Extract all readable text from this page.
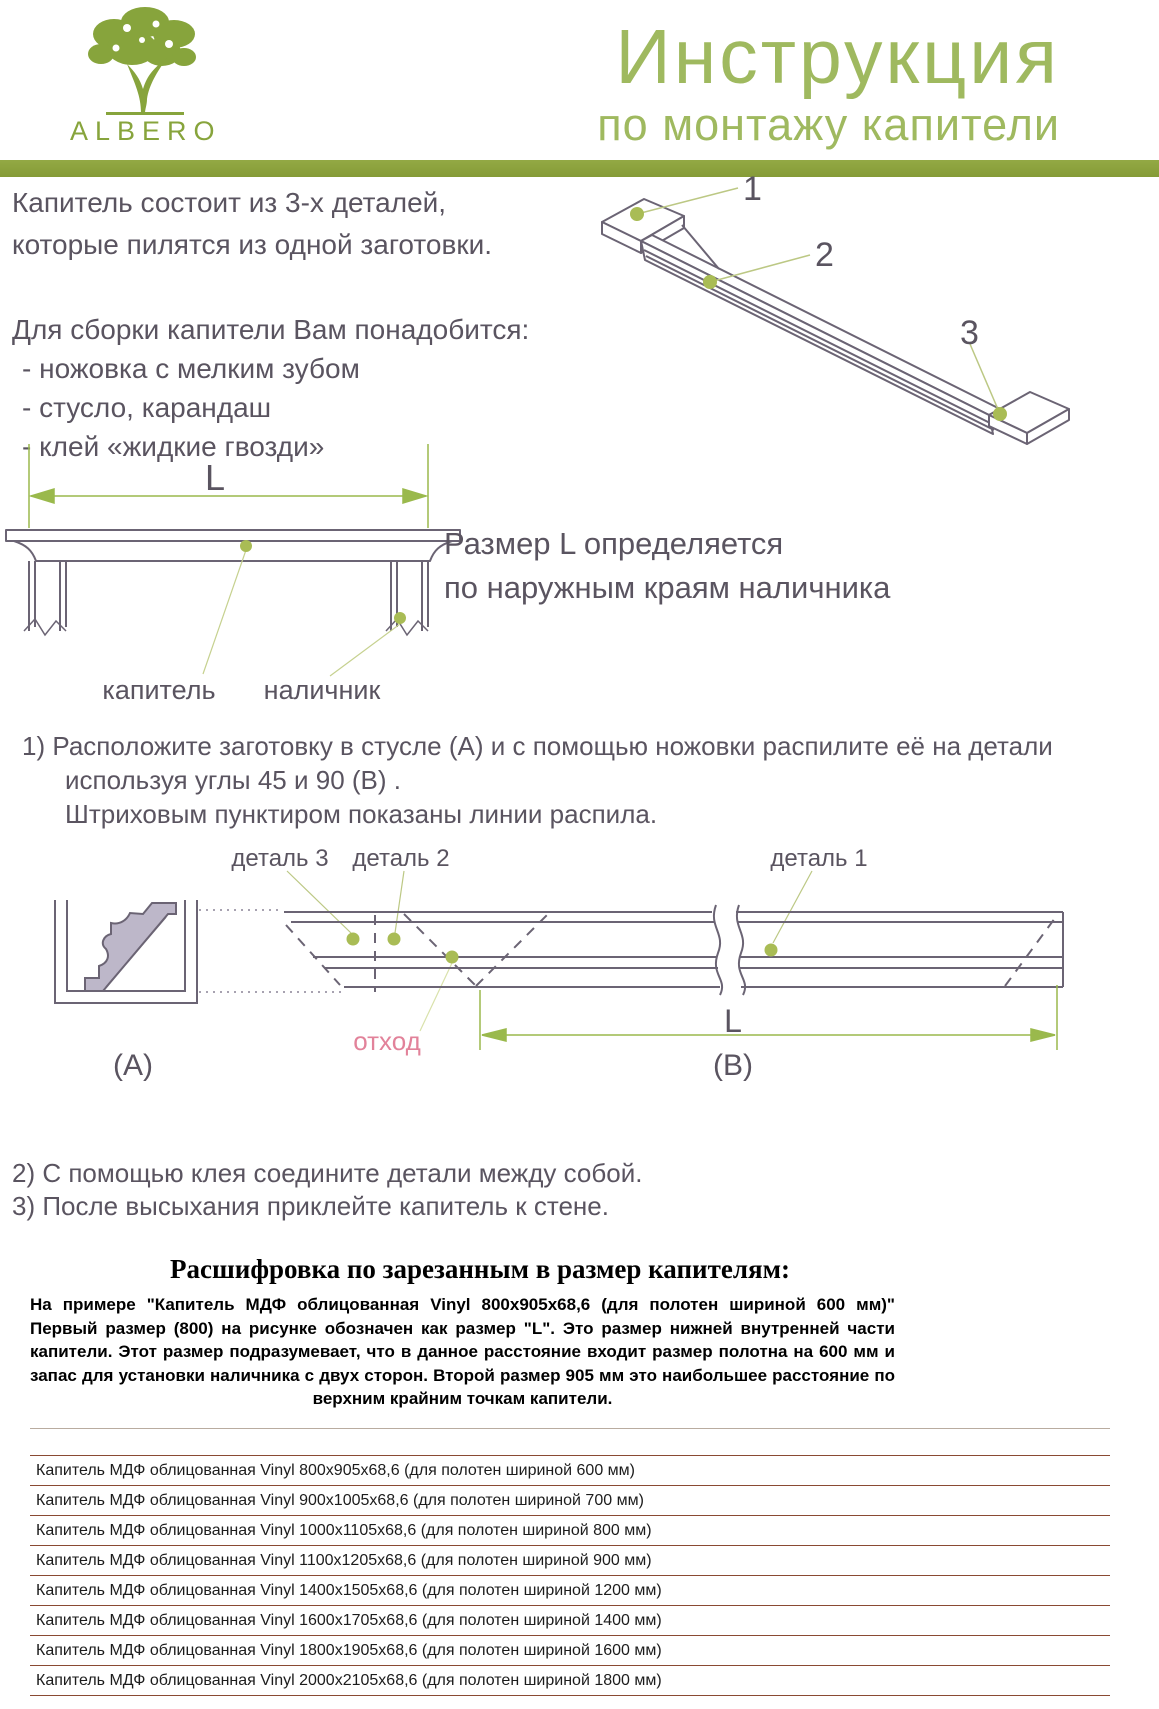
ALBERO
Инструкция
по монтажу капители
Капитель состоит из 3-х деталей,
которые пилятся из одной заготовки.
Для сборки капители Вам понадобится:
- ножовка с мелким зубом
- стусло, карандаш
- клей «жидкие гвозди»
1
2
3
L
капитель наличник
Размер L определяется
по наружным краям наличника
1) Расположите заготовку в стусле (А) и с помощью ножовки распилите её на детали
используя углы 45 и 90 (В) .
Штриховым пунктиром показаны линии распила.
деталь 3 деталь 2	деталь 1
L
отход
(А)	(В)
2) С помощью клея соедините детали между собой.
3) После высыхания приклейте капитель к стене.
Расшифровка по зарезанным в размер капителям:
На примере "Капитель МДФ облицованная Vinyl 800х905х68,6 (для полотен шириной 600 мм)" Первый размер (800) на рисунке обозначен как размер "L". Это размер нижней внутренней части капители. Этот размер подразумевает, что в данное расстояние входит размер полотна на 600 мм и запас для установки наличника с двух сторон. Второй размер 905 мм это наибольшее расстояние по верхним крайним точкам капители.
Капитель МДФ облицованная Vinyl 800х905х68,6 (для полотен шириной 600 мм)
Капитель МДФ облицованная Vinyl 900х1005х68,6 (для полотен шириной 700 мм)
Капитель МДФ облицованная Vinyl 1000х1105х68,6 (для полотен шириной 800 мм)
Капитель МДФ облицованная Vinyl 1100х1205х68,6 (для полотен шириной 900 мм)
Капитель МДФ облицованная Vinyl 1400х1505х68,6 (для полотен шириной 1200 мм)
Капитель МДФ облицованная Vinyl 1600х1705х68,6 (для полотен шириной 1400 мм)
Капитель МДФ облицованная Vinyl 1800х1905х68,6 (для полотен шириной 1600 мм)
Капитель МДФ облицованная Vinyl 2000х2105х68,6 (для полотен шириной 1800 мм)
